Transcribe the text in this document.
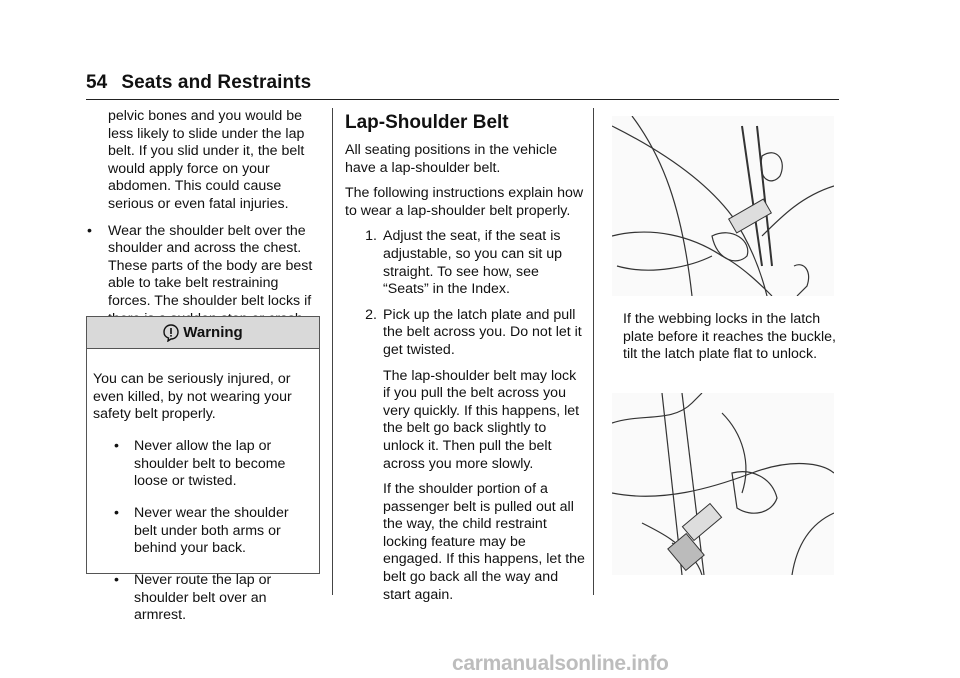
54 Seats and Restraints

pelvic bones and you would be less likely to slide under the lap belt. If you slid under it, the belt would apply force on your abdomen. This could cause serious or even fatal injuries.

• Wear the shoulder belt over the shoulder and across the chest. These parts of the body are best able to take belt restraining forces. The shoulder belt locks if

Warning

You can be seriously injured, or even killed, by not wearing your safety belt properly.

• Never allow the lap or shoulder belt to become loose or twisted.

• Never wear the shoulder belt under both arms or behind your back.

• Never route the lap or shoulder belt over an armrest.

Lap-Shoulder Belt

All seating positions in the vehicle have a lap-shoulder belt.

The following instructions explain how to wear a lap-shoulder belt properly.

1. Adjust the seat, if the seat is adjustable, so you can sit up straight. To see how, see “Seats” in the Index.

2. Pick up the latch plate and pull the belt across you. Do not let it get twisted.

The lap-shoulder belt may lock if you pull the belt across you very quickly. If this happens, let the belt go back slightly to unlock it. Then pull the belt across you more slowly.

If the shoulder portion of a passenger belt is pulled out all the way, the child restraint locking feature may be engaged. If this happens, let the belt go back all the way and start again.

If the webbing locks in the latch plate before it reaches the buckle, tilt the latch plate flat to unlock.
carmanualsonline.info
